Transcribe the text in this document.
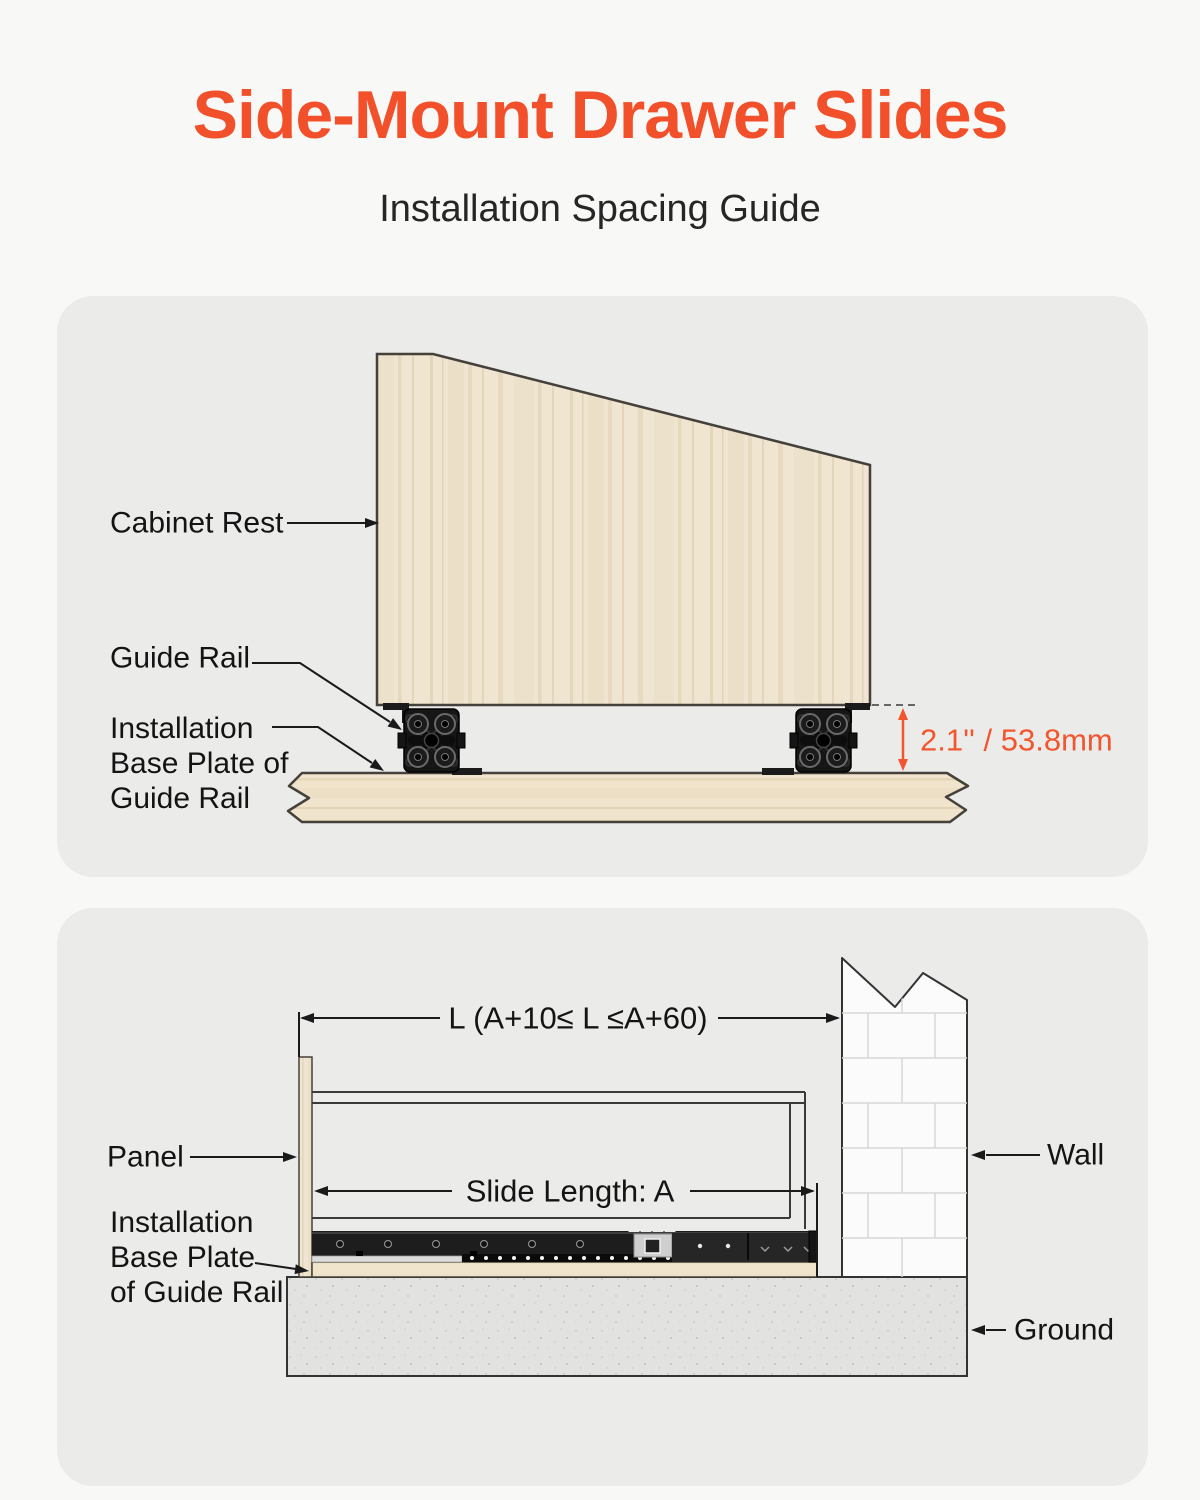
Side-Mount Drawer Slides
Installation Spacing Guide
Cabinet Rest
Guide Rail
Installation
Base Plate of
Guide Rail
2.1'' / 53.8mm
L (A+10≤ L ≤A+60)
Slide Length: A
Panel
Installation
Base Plate
of Guide Rail
Wall
Ground
